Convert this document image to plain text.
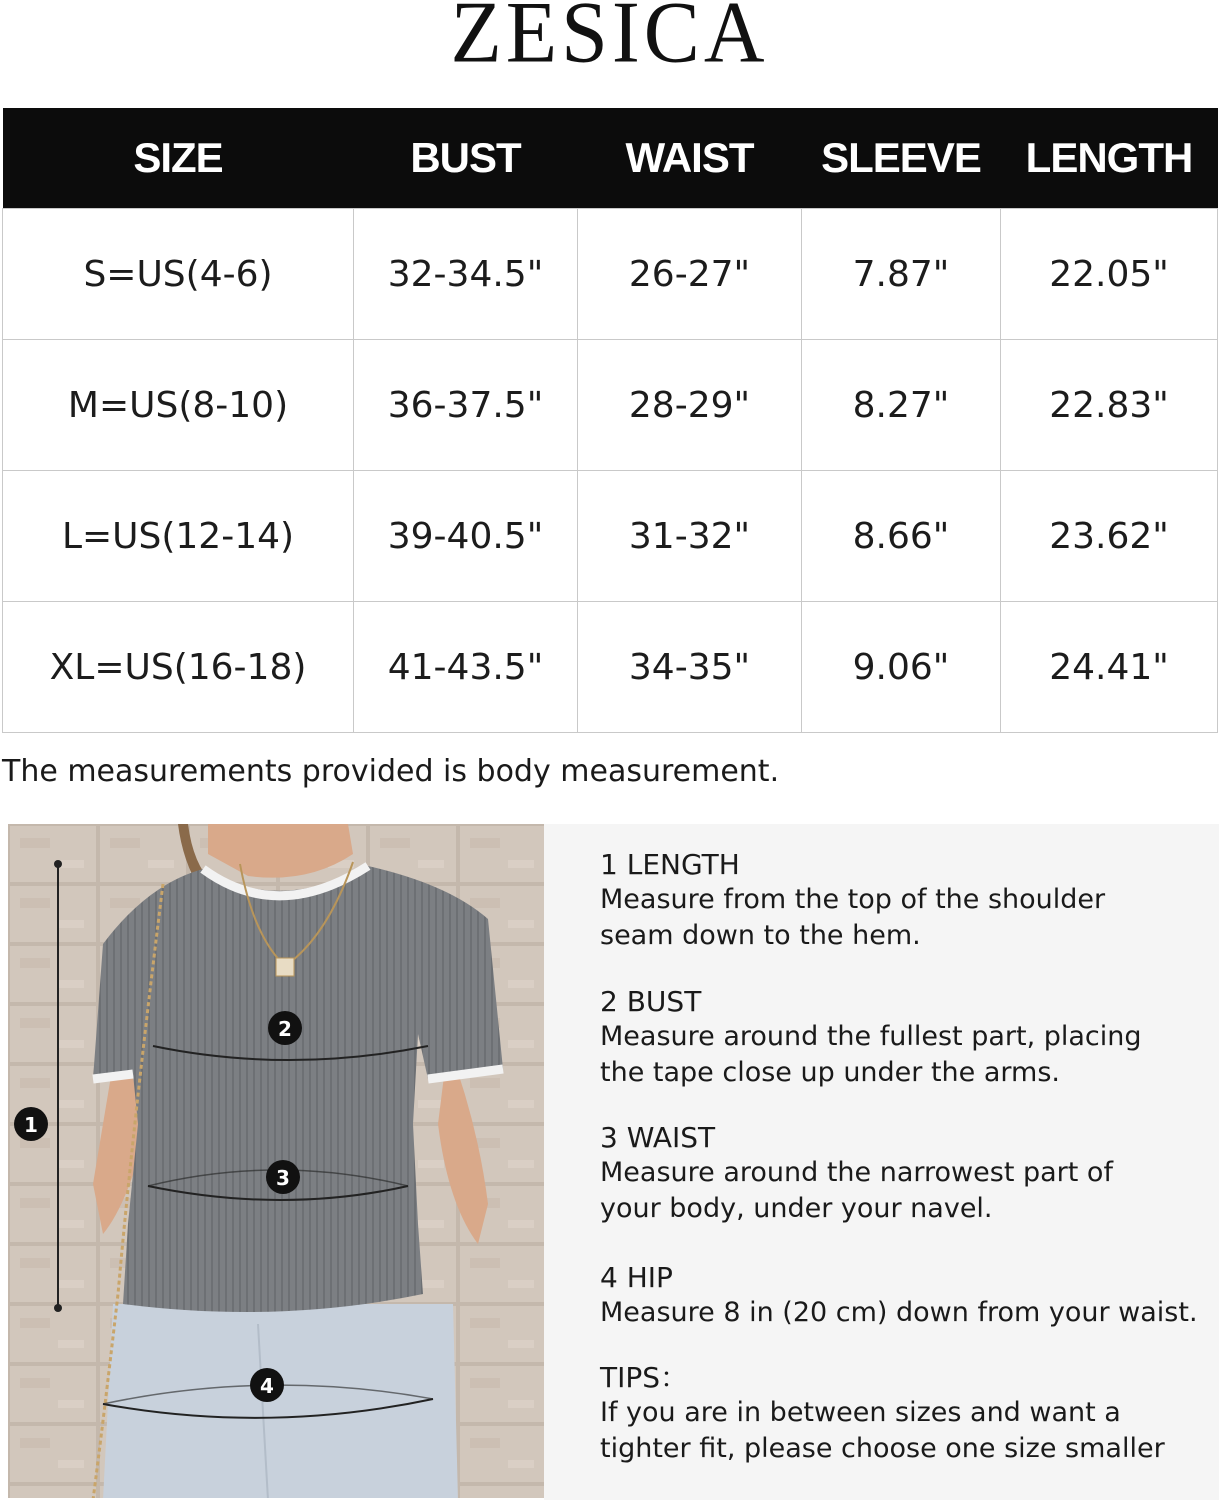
ZESICA
SIZE	BUST	WAIST	SLEEVE	LENGTH
S=US(4-6)	32-34.5"	26-27"	7.87"	22.05"
M=US(8-10)	36-37.5"	28-29"	8.27"	22.83"
L=US(12-14)	39-40.5"	31-32"	8.66"	23.62"
XL=US(16-18)	41-43.5"	34-35"	9.06"	24.41"
The measurements provided is body measurement.
1
2
3
4
1 LENGTH
Measure from the top of the shoulder seam down to the hem.
2 BUST
Measure around the fullest part, placing the tape close up under the arms.
3 WAIST
Measure around the narrowest part of your body, under your navel.
4 HIP
Measure 8 in (20 cm) down from your waist.
TIPS：
If you are in between sizes and want a tighter fit, please choose one size smaller
